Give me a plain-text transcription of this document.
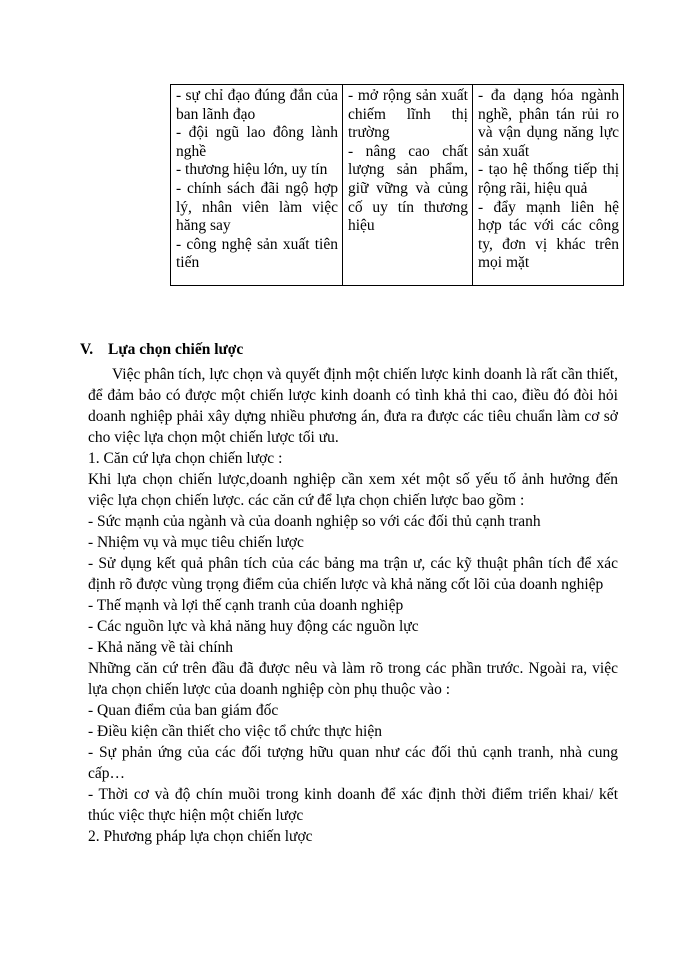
- sự chỉ đạo đúng đắn của ban lãnh đạo
- đội ngũ lao đông lành nghề
- thương hiệu lớn, uy tín
- chính sách đãi ngộ hợp lý, nhân viên làm việc hăng say
- công nghệ sản xuất tiên tiến
- mở rộng sản xuất chiếm lĩnh thị trường
- nâng cao chất lượng sản phẩm, giữ vững và củng cố uy tín thương hiệu
- đa dạng hóa ngành nghề, phân tán rủi ro và vận dụng năng lực sản xuất
- tạo hệ thống tiếp thị rộng rãi, hiệu quả
- đẩy mạnh liên hệ hợp tác với các công ty, đơn vị khác trên mọi mặt
V. Lựa chọn chiến lược

Việc phân tích, lực chọn và quyết định một chiến lược kinh doanh là rất cần thiết, để đảm bảo có được một chiến lược kinh doanh có tình khả thi cao, điều đó đòi hỏi doanh nghiệp phải xây dựng nhiều phương án, đưa ra được các tiêu chuẩn làm cơ sở cho việc lựa chọn một chiến lược tối ưu.

1. Căn cứ lựa chọn chiến lược :

Khi lựa chọn chiến lược,doanh nghiệp cần xem xét một số yếu tố ảnh hưởng đến việc lựa chọn chiến lược. các căn cứ để lựa chọn chiến lược bao gồm :

- Sức mạnh của ngành và của doanh nghiệp so với các đối thủ cạnh tranh

- Nhiệm vụ và mục tiêu chiến lược

- Sử dụng kết quả phân tích của các bảng ma trận ư, các kỹ thuật phân tích để xác định rõ được vùng trọng điểm của chiến lược và khả năng cốt lõi của doanh nghiệp

- Thế mạnh và lợi thế cạnh tranh của doanh nghiệp

- Các nguồn lực và khả năng huy động các nguồn lực

- Khả năng về tài chính

Những căn cứ trên đầu đã được nêu và làm rõ trong các phần trước. Ngoài ra, việc lựa chọn chiến lược của doanh nghiệp còn phụ thuộc vào :

- Quan điểm của ban giám đốc

- Điều kiện cần thiết cho việc tổ chức thực hiện

- Sự phản ứng của các đối tượng hữu quan như các đối thủ cạnh tranh, nhà cung cấp…

- Thời cơ và độ chín muồi trong kinh doanh để xác định thời điểm triển khai/ kết thúc việc thực hiện một chiến lược

2. Phương pháp lựa chọn chiến lược
